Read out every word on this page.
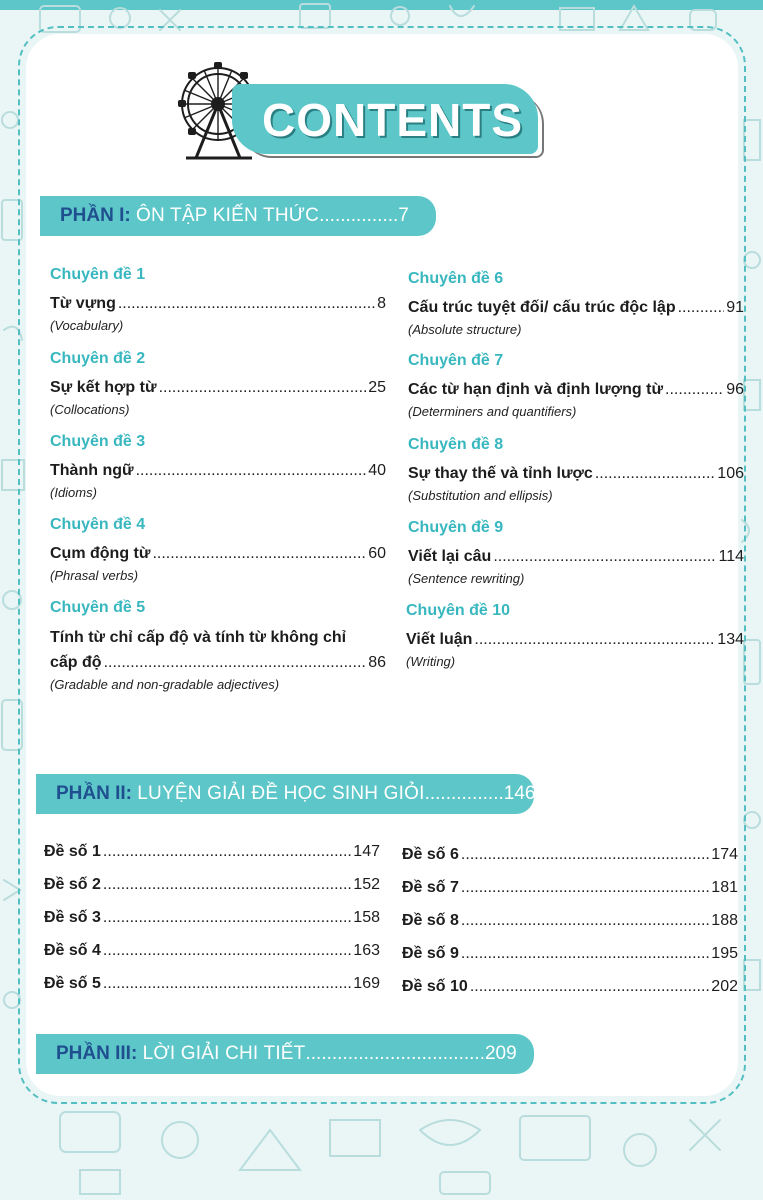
CONTENTS
PHẦN I: ÔN TẬP KIẾN THỨC...............7
Chuyên đề 1
Từ vựng .....	8
(Vocabulary)
Chuyên đề 2
Sự kết hợp từ .....	25
(Collocations)
Chuyên đề 3
Thành ngữ .....	40
(Idioms)
Chuyên đề 4
Cụm động từ .....	60
(Phrasal verbs)
Chuyên đề 5
Tính từ chỉ cấp độ và tính từ không chỉ
cấp độ .....	86
(Gradable and non-gradable adjectives)
Chuyên đề 6
Cấu trúc tuyệt đối/ cấu trúc độc lập .....	91
(Absolute structure)
Chuyên đề 7
Các từ hạn định và định lượng từ .....	96
(Determiners and quantifiers)
Chuyên đề 8
Sự thay thế và tỉnh lược .....	106
(Substitution and ellipsis)
Chuyên đề 9
Viết lại câu .....	114
(Sentence rewriting)
Chuyên đề 10
Viết luận .....	134
(Writing)
PHẦN II: LUYỆN GIẢI ĐỀ HỌC SINH GIỎI...............146
Đề số 1 .....	147
Đề số 2 .....	152
Đề số 3 .....	158
Đề số 4 .....	163
Đề số 5 .....	169
Đề số 6 .....	174
Đề số 7 .....	181
Đề số 8 .....	188
Đề số 9 .....	195
Đề số 10 .....	202
PHẦN III: LỜI GIẢI CHI TIẾT..................................209
